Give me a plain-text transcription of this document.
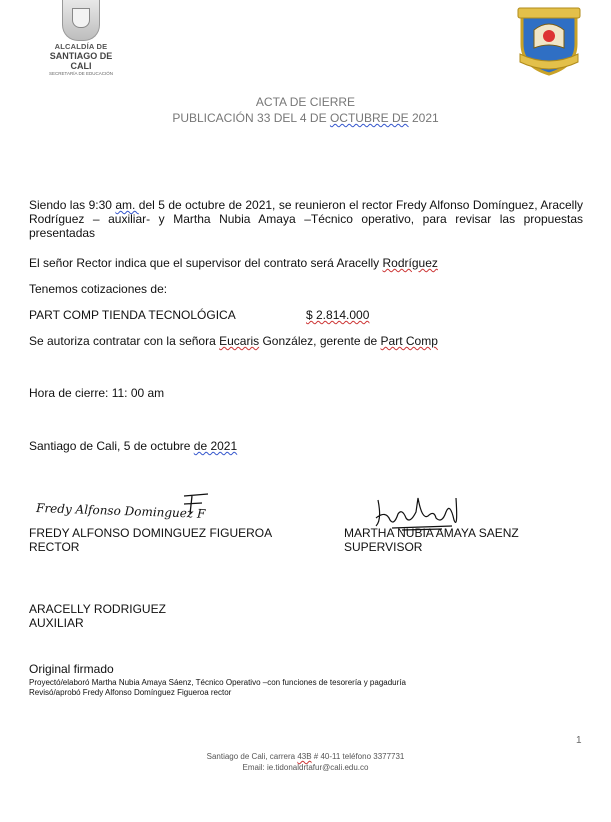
ALCALDÍA DE
SANTIAGO DE CALI
SECRETARÍA DE EDUCACIÓN
ACTA DE CIERRE
PUBLICACIÓN 33 DEL 4 DE OCTUBRE DE 2021
Siendo las 9:30 am. del 5 de octubre de 2021, se reunieron el rector Fredy Alfonso Domínguez, Aracelly Rodríguez – auxiliar- y Martha Nubia Amaya –Técnico operativo, para revisar las propuestas presentadas
El señor Rector indica que el supervisor del contrato será Aracelly Rodríguez
Tenemos cotizaciones de:
PART COMP TIENDA TECNOLÓGICA	$ 2.814.000
Se autoriza contratar con la señora Eucaris González, gerente de Part Comp
Hora de cierre: 11: 00 am
Santiago de Cali, 5 de octubre de 2021
Fredy Alfonso Dominguez F
FREDY ALFONSO DOMINGUEZ FIGUEROA
RECTOR
MARTHA NUBIA AMAYA SAENZ
SUPERVISOR
ARACELLY RODRIGUEZ
AUXILIAR
Original firmado
Proyectó/elaboró Martha Nubia Amaya Sáenz, Técnico Operativo –con funciones de tesorería y pagaduría
Revisó/aprobó Fredy Alfonso Domínguez Figueroa rector
1
Santiago de Cali, carrera 43B # 40-11 teléfono 3377731
Email: ie.tidonaldrtafur@cali.edu.co
